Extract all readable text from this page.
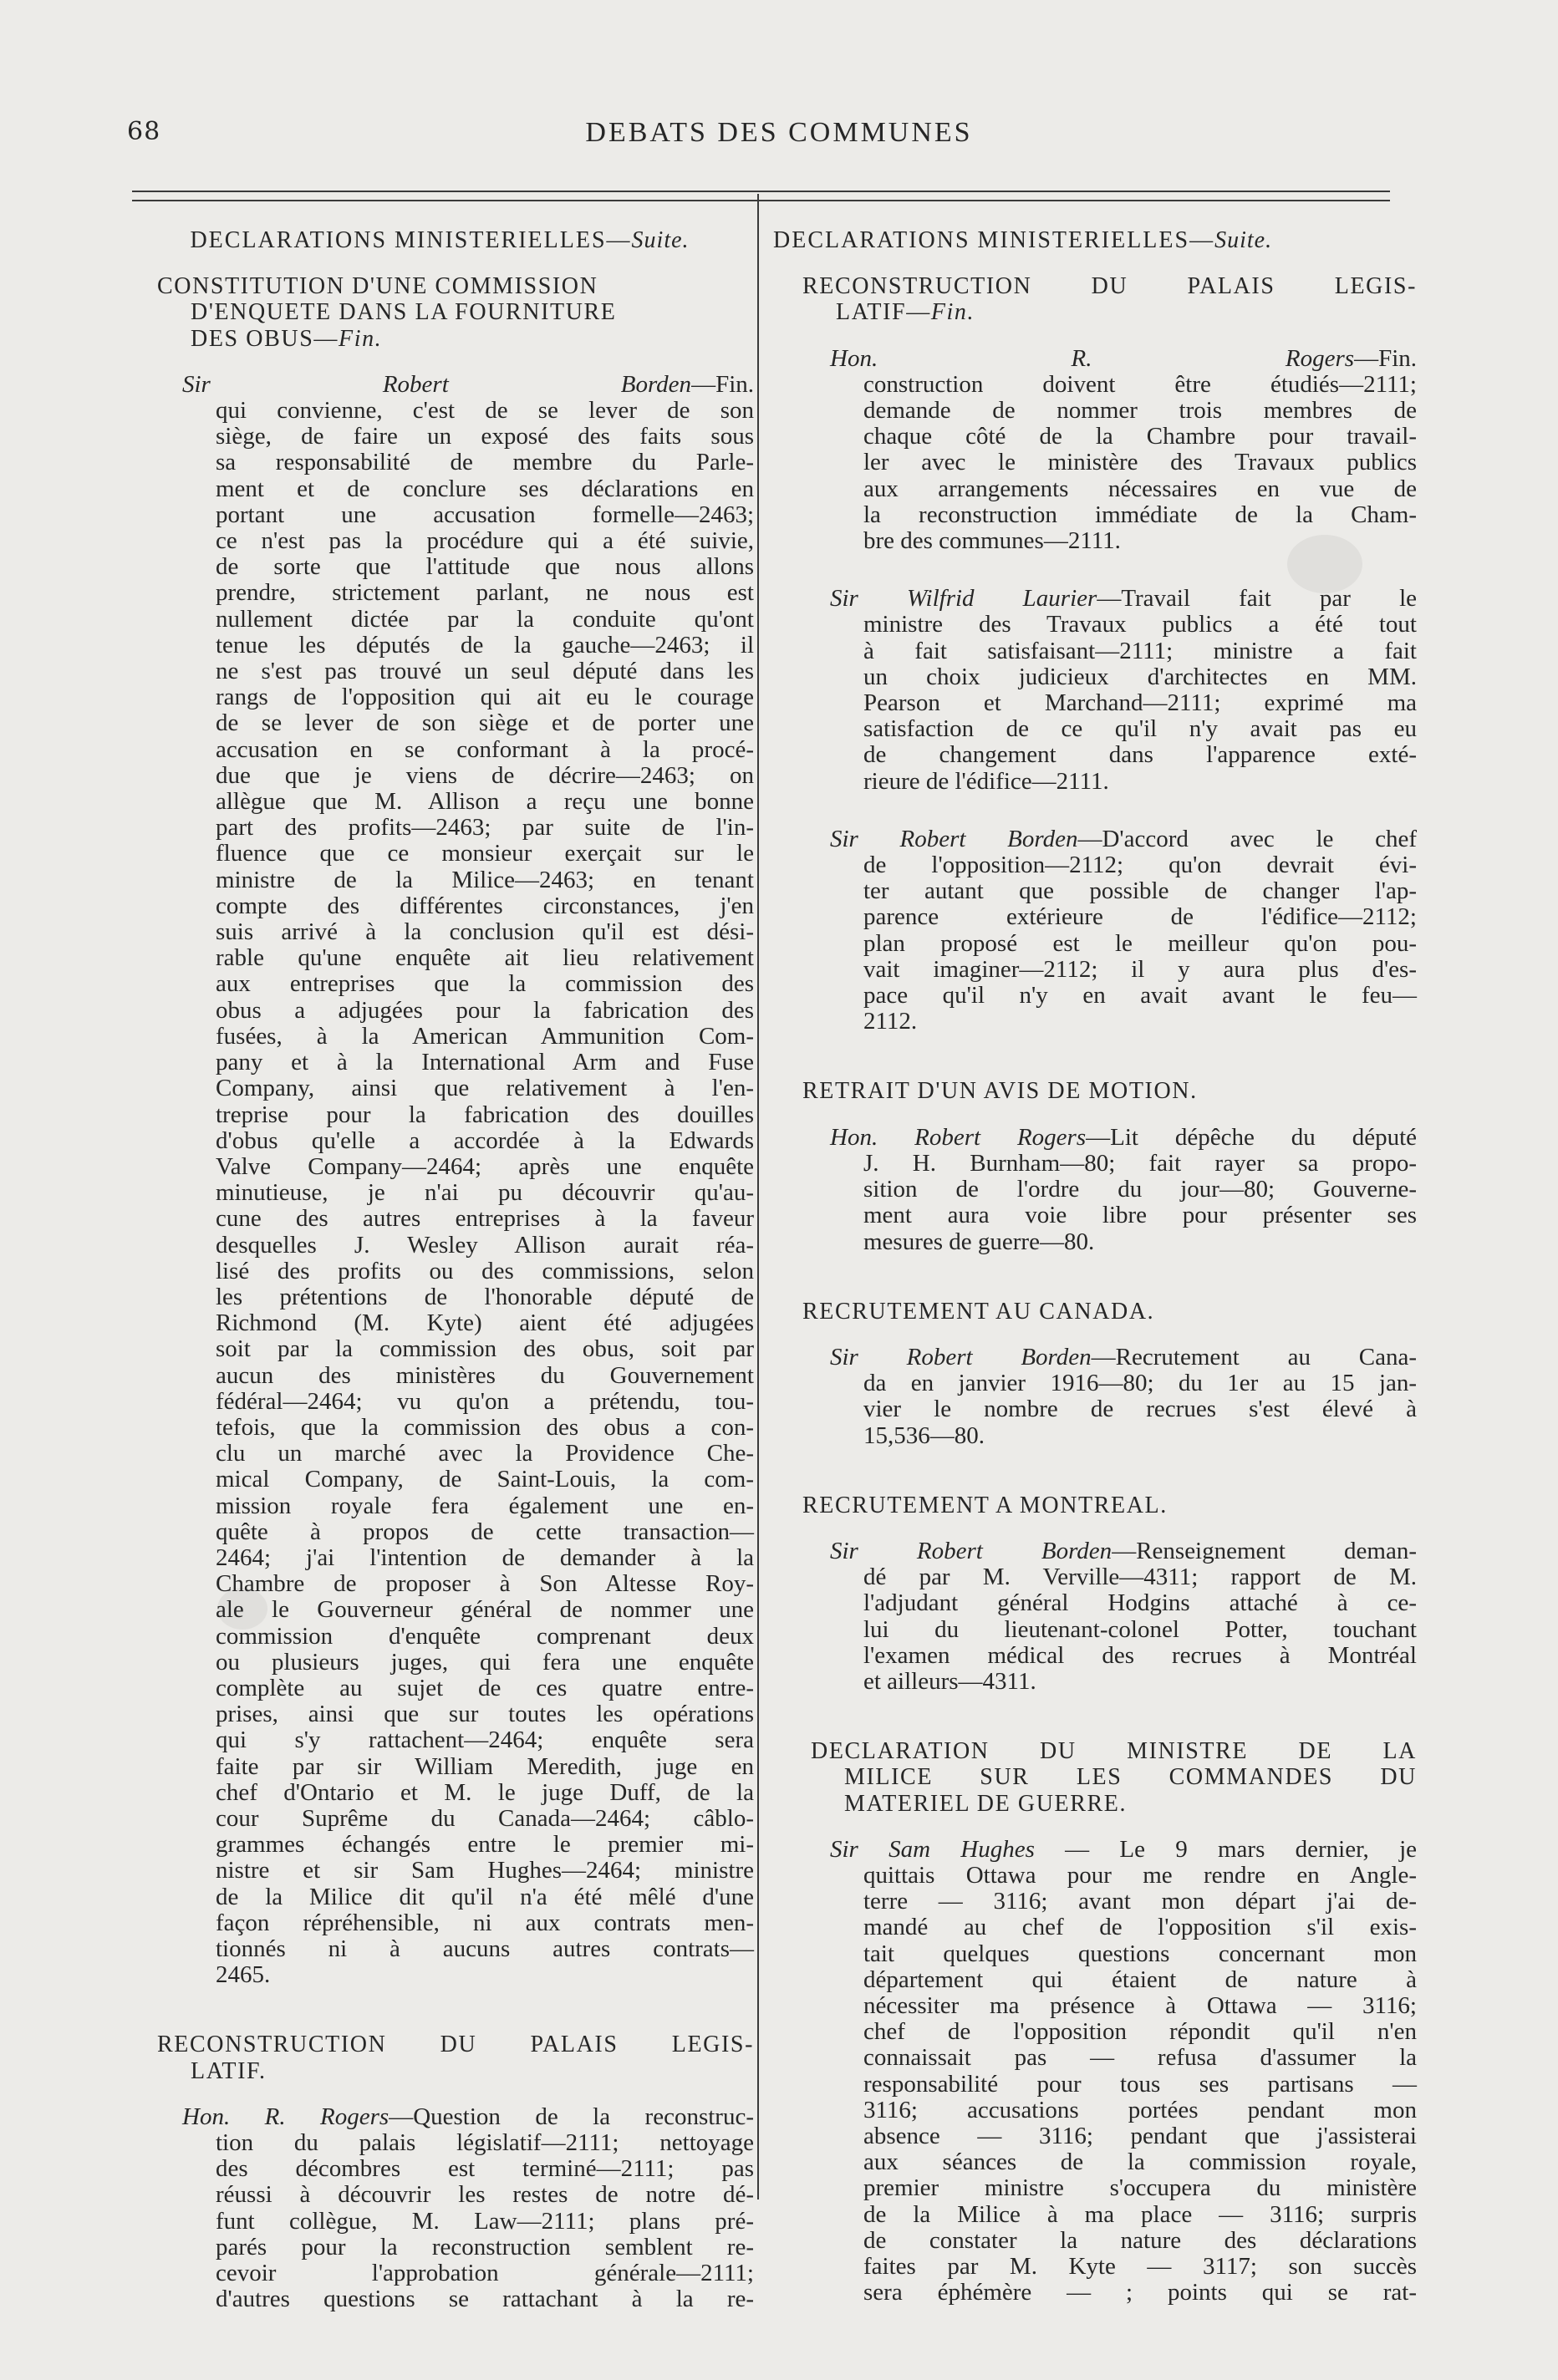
68	DEBATS DES COMMUNES
DECLARATIONS MINISTERIELLES—Suite.
CONSTITUTION D'UNE COMMISSION
D'ENQUETE DANS LA FOURNITURE
DES OBUS—Fin.
Sir Robert Borden—Fin.
qui convienne, c'est de se lever de son
siège, de faire un exposé des faits sous
sa responsabilité de membre du Parle-
ment et de conclure ses déclarations en
portant une accusation formelle—2463;
ce n'est pas la procédure qui a été suivie,
de sorte que l'attitude que nous allons
prendre, strictement parlant, ne nous est
nullement dictée par la conduite qu'ont
tenue les députés de la gauche—2463; il
ne s'est pas trouvé un seul député dans les
rangs de l'opposition qui ait eu le courage
de se lever de son siège et de porter une
accusation en se conformant à la procé-
due que je viens de décrire—2463; on
allègue que M. Allison a reçu une bonne
part des profits—2463; par suite de l'in-
fluence que ce monsieur exerçait sur le
ministre de la Milice—2463; en tenant
compte des différentes circonstances, j'en
suis arrivé à la conclusion qu'il est dési-
rable qu'une enquête ait lieu relativement
aux entreprises que la commission des
obus a adjugées pour la fabrication des
fusées, à la American Ammunition Com-
pany et à la International Arm and Fuse
Company, ainsi que relativement à l'en-
treprise pour la fabrication des douilles
d'obus qu'elle a accordée à la Edwards
Valve Company—2464; après une enquête
minutieuse, je n'ai pu découvrir qu'au-
cune des autres entreprises à la faveur
desquelles J. Wesley Allison aurait réa-
lisé des profits ou des commissions, selon
les prétentions de l'honorable député de
Richmond (M. Kyte) aient été adjugées
soit par la commission des obus, soit par
aucun des ministères du Gouvernement
fédéral—2464; vu qu'on a prétendu, tou-
tefois, que la commission des obus a con-
clu un marché avec la Providence Che-
mical Company, de Saint-Louis, la com-
mission royale fera également une en-
quête à propos de cette transaction—
2464; j'ai l'intention de demander à la
Chambre de proposer à Son Altesse Roy-
ale le Gouverneur général de nommer une
commission d'enquête comprenant deux
ou plusieurs juges, qui fera une enquête
complète au sujet de ces quatre entre-
prises, ainsi que sur toutes les opérations
qui s'y rattachent—2464; enquête sera
faite par sir William Meredith, juge en
chef d'Ontario et M. le juge Duff, de la
cour Suprême du Canada—2464; câblo-
grammes échangés entre le premier mi-
nistre et sir Sam Hughes—2464; ministre
de la Milice dit qu'il n'a été mêlé d'une
façon répréhensible, ni aux contrats men-
tionnés ni à aucuns autres contrats—
2465.
RECONSTRUCTION DU PALAIS LEGIS-
LATIF.
Hon. R. Rogers—Question de la reconstruc-
tion du palais législatif—2111; nettoyage
des décombres est terminé—2111; pas
réussi à découvrir les restes de notre dé-
funt collègue, M. Law—2111; plans pré-
parés pour la reconstruction semblent re-
cevoir l'approbation générale—2111;
d'autres questions se rattachant à la re-
DECLARATIONS MINISTERIELLES—Suite.
RECONSTRUCTION DU PALAIS LEGIS-
LATIF—Fin.
Hon. R. Rogers—Fin.
construction doivent être étudiés—2111;
demande de nommer trois membres de
chaque côté de la Chambre pour travail-
ler avec le ministère des Travaux publics
aux arrangements nécessaires en vue de
la reconstruction immédiate de la Cham-
bre des communes—2111.
Sir Wilfrid Laurier—Travail fait par le
ministre des Travaux publics a été tout
à fait satisfaisant—2111; ministre a fait
un choix judicieux d'architectes en MM.
Pearson et Marchand—2111; exprimé ma
satisfaction de ce qu'il n'y avait pas eu
de changement dans l'apparence exté-
rieure de l'édifice—2111.
Sir Robert Borden—D'accord avec le chef
de l'opposition—2112; qu'on devrait évi-
ter autant que possible de changer l'ap-
parence extérieure de l'édifice—2112;
plan proposé est le meilleur qu'on pou-
vait imaginer—2112; il y aura plus d'es-
pace qu'il n'y en avait avant le feu—
2112.
RETRAIT D'UN AVIS DE MOTION.
Hon. Robert Rogers—Lit dépêche du député
J. H. Burnham—80; fait rayer sa propo-
sition de l'ordre du jour—80; Gouverne-
ment aura voie libre pour présenter ses
mesures de guerre—80.
RECRUTEMENT AU CANADA.
Sir Robert Borden—Recrutement au Cana-
da en janvier 1916—80; du 1er au 15 jan-
vier le nombre de recrues s'est élevé à
15,536—80.
RECRUTEMENT A MONTREAL.
Sir Robert Borden—Renseignement deman-
dé par M. Verville—4311; rapport de M.
l'adjudant général Hodgins attaché à ce-
lui du lieutenant-colonel Potter, touchant
l'examen médical des recrues à Montréal
et ailleurs—4311.
DECLARATION DU MINISTRE DE LA
MILICE SUR LES COMMANDES DU
MATERIEL DE GUERRE.
Sir Sam Hughes — Le 9 mars dernier, je
quittais Ottawa pour me rendre en Angle-
terre — 3116; avant mon départ j'ai de-
mandé au chef de l'opposition s'il exis-
tait quelques questions concernant mon
département qui étaient de nature à
nécessiter ma présence à Ottawa — 3116;
chef de l'opposition répondit qu'il n'en
connaissait pas — refusa d'assumer la
responsabilité pour tous ses partisans —
3116; accusations portées pendant mon
absence — 3116; pendant que j'assisterai
aux séances de la commission royale,
premier ministre s'occupera du ministère
de la Milice à ma place — 3116; surpris
de constater la nature des déclarations
faites par M. Kyte — 3117; son succès
sera éphémère — ; points qui se rat-
